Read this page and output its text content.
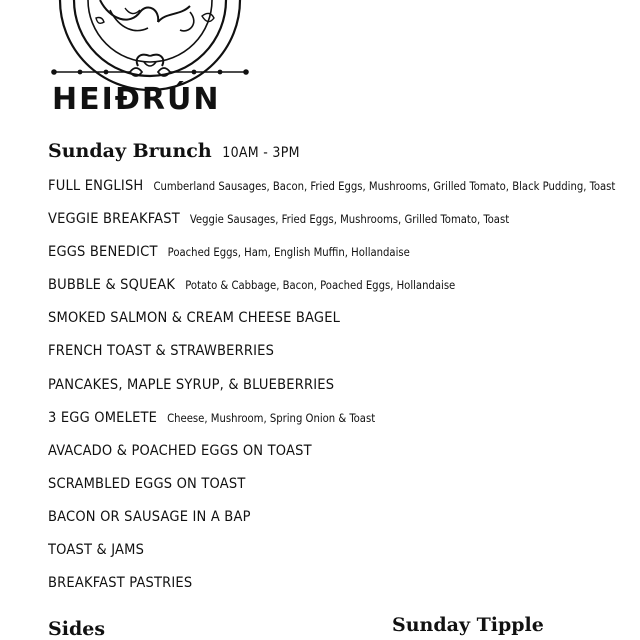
HEIÐRÚN
Sunday Brunch 10AM - 3PM
FULL ENGLISH Cumberland Sausages, Bacon, Fried Eggs, Mushrooms, Grilled Tomato, Black Pudding, Toast
VEGGIE BREAKFAST Veggie Sausages, Fried Eggs, Mushrooms, Grilled Tomato, Toast
EGGS BENEDICT Poached Eggs, Ham, English Muffin, Hollandaise
BUBBLE & SQUEAK Potato & Cabbage, Bacon, Poached Eggs, Hollandaise
SMOKED SALMON & CREAM CHEESE BAGEL
FRENCH TOAST & STRAWBERRIES
PANCAKES, MAPLE SYRUP, & BLUEBERRIES
3 EGG OMELETE Cheese, Mushroom, Spring Onion & Toast
AVACADO & POACHED EGGS ON TOAST
SCRAMBLED EGGS ON TOAST
BACON OR SAUSAGE IN A BAP
TOAST & JAMS
BREAKFAST PASTRIES
Sides	Sunday Tipple
